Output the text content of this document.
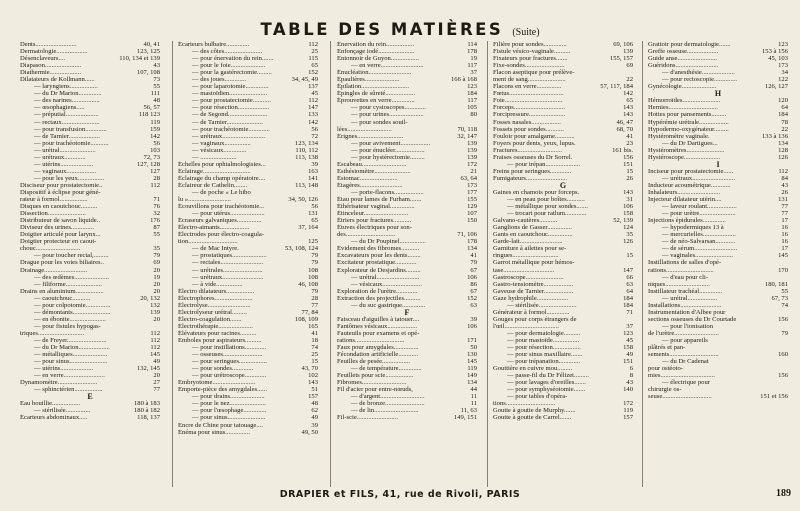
TABLE DES MATIÈRES (Suite)
Dents.........................	40, 41
Dermatologie...................	123, 125
Désenclaveurs....	110, 134 et 139
Diapason......................	43
Diathermie...................	107, 108
Dilatateurs de Kollmann......	73
— laryngiens.................	55
— du Dr Marion..............	111
— des narines.................	48
— œsophagiens.....	56, 57
— préputial....................	118 123
— rectaux.......................	119
— pour transfusion.............	159
— de Tarnier...................	142
— pour trachéotomie...........	56
— urétral......................	103
— urétraux.............	72, 73
— utérins....................	127, 128
— vaginaux..................	127
— pour les yeux................	28
Disciseur pour prostatectomie..	112
Dispositif à éclipse pour géné-
rateur à formol.................	71
Disques en caoutchouc..........	76
Dissection.......................	32
Distributeur de savon liquide..	176
Diviseur des urines..............	87
Doigtier articulé pour larynx...	55
Doigtier protecteur en caout-
chouc...........................	35
— pour toucher rectal,.........	79
Drague pour les voies biliaires..	69
Drainage..........................	20
— des œdèmes.....................	19
— filiforme......................	20
Drains en aluminium.................	20
— caoutchouc...........	20, 132
— pour colpotomie...............	132
— démontants.......................	139
— en ébonite......................	20
— pour fistules hypogas-
triques............................	112
— de Freyer........................	112
— du Dr Marion...................	112
— métalliques.....................	145
— pour sinus.......................	49
— utérins....................	132, 145
— en verre.........................	20
Dynamomètre........................	27
— sphinctérien.................	77
E
Eau bouillie.................	180 à 183
— stérilisée...............	180 à 182
Écarteurs abdominaux.....	118, 137
Écarteurs bulbaire..............	112
— des côtes.......................	25
— pour énervation du rein.......	115
— pour le foie.....................	65
— pour la gastérectomie.........	152
— des joues.............	34, 45, 49
— pour laparotomie..............	137
— mastoïdien.......................	45
— pour prostatectomie...........	112
— pour résection...................	147
— de Segond........................	133
— de Tarnier......................	142
— pour trachéotomie.............	56
— urétraux..........................	72
— vaginaux................	123, 134
— vésicaux..............	110, 112
— ......................	113, 138
Échelles pour ophtalmologistes...	39
Éclairage.............................	163
Éclairage du champ opératoire....	141
Éclaireur de Cathelin........	113, 148
— de poche « Le hibo
lu »..........................	34, 50, 126
Écouvillons pour trachéotomie...	56
— pour utérus.....................	131
Écraseurs galvaniques...............	65
Électro-aimants..................	37, 164
Électrodes pour électro-coagula-
tion..............................	125
— de Mac Intyre.	53, 108, 124
— prostatiques.....................	79
— rectales..........................	79
— urétrales........................	108
— urétraux.........................	108
— à vide................	46, 108
Électro dilatateurs.................	79
Électrophores.......................	28
Électrolyse..........................	77
Électrolyseur urétral.........	77, 84
Électro-coagulation.......	108, 109
Électrothérapie.....................	165
Élévateurs pour racines..........	41
Emboles pour aspirateurs..........	18
— pour instillations.............	74
— osseuses........................	25
— pour seringues.................	15
— pour sondes.............	43, 70
— pour urétroscope.............	102
Embryotome..........................	143
Emporte-pièce des amygdales......	51
— pour drains.....................	157
— pour le nez......................	48
— pour l'œsophage..............	62
— pour sinus.......................	49
Encre de Chine pour tatouage....	39
Énéma pour sinus...............	49, 50
Énervation du rein.................	114
Enfonçage iodé......................	178
Entonnoir de Guyon.................	19
— en verre..........................	117
Énucléation..........................	37
Épaulières.....................	166 à 168
Épilation.............................	123
Épingles de sûreté..................	184
Éprouvettes en verre..............	117
— pour cystoscopes.............	105
— pour urines.....................	80
— pour sondes souil-
lées...........................	70, 118
Érignes............................	32, 147
— pour avivement..................	139
— pour énucléer..................	139
— pour hystérectomie.........	139
Escabeau...........................	172
Esthésiomètre......................	21
Estomac.......................	63, 64
Étagères..........................	173
— porte-flacons..................	177
Étau pour lames de Furham.......	155
Éthérisateur vaginal...............	129
Étinceleur...........................	107
Étriers pour fractures...........	150
Étuves électriques pour son-
des..............................	71, 106
— du Dr Poupinel................	178
Évidement des fibromes...........	134
Excavateurs pour les dents........	41
Excitateur prostatique.............	79
Explorateur de Desjardins.........	67
— urétral..........................	106
— vésicaux........................	86
Exploration de l'urètre.............	67
Extraction des projectiles..........	152
— du suc gastrique..............	63
F
Faisceau d'aiguilles à tatouer....	39
Fantômes vésicaux..................	106
Fauteuils pour examens et opé-
rations..............................	171
Faux pour amygdales...............	50
Fécondation artificielle............	130
Feuilles de pesée.................	145
— de température..............	119
Feuillets pour scie.................	149
Fibromes...........................	134
Fil d'acier pour entre-nœuds,	44
— d'argent...........................	11
— de bronze........................	11
— de lin...........................	11, 63
Fil-scie.........................	149, 151
Filière pour sondes..............	69, 106
Fistule vésico-vaginale..........	139
Fixateurs pour fractures.......	155, 157
Fixe-sondes........................	69
Flacon aseptique pour prélève-
ment de sang.......................	22
Flacons en verre...............	57, 117, 184
Fœtus.................................	142
Foie...................................	65
Forceps...............................	143
Forcipressure......................	143
Fosses nasales..................	46, 47
Fossets pour sondes...........	68, 70
Fouloir pour amalgame............	41
Foyers pour dents, yeux, lupus.	23
Fractures...........................	161 bis.
Fraises osseuses du Dr Sorrel.	156
— pour trépan.....................	151
Freins pour seringues.............	15
Fumigateurs.........................	26
G
Gaines en chamois pour forceps.	143
— en peau pour boîtes...........	31
— métallique pour sondes.......	106
— trocart pour ratlum.............	158
Galvano-cautères...........	52, 139
Ganglions de Gasser...............	124
Gants en caoutchouc...............	35
Garde-lait..........................	126
Garniture à ailettes pour se-
ringues............................	15
Garrot métallique pour hémos-
tase...............................	147
Gastroscope.......................	66
Gastro-tensiomètre..................	63
Gaveuse de Tarnier..................	64
Gaze hydrophile...................	184
— stérilisée.......................	184
Générateur à formol..............	71
Gouges pour corps étrangers de
l'œil.................................	37
— pour dermatologie..........	123
— pour mastoïde................	45
— pour résection.................	158
— pour sinus maxillaire.......	49
— pour trépanation.............	151
Gouttière en cuivre mou.........	6
— passe-fil du Dr Félizet.........	8
— pour lavages d'oreilles.......	43
— pour symphyséotomie.......	140
— pour tables d'opéra-
tions..............................	172
Goutte à goutte de Murphy.......	119
Goutte à goutte de Carrel.......	157
Grattoir pour dermatologie.......	123
Greffe osseuse...................	153 à 156
Guide anse........................	45, 103
Guéridons..........................	173
— d'anesthésie....................	34
— pour rectoscopie..............	122
Gynécologie.....................	126, 127
H
Hémorroïdes.......................	120
Hernies..............................	64
Hottes pour pansements.........	184
Hypérémie urétrale..................	78
Hypodermo-oxygénateur.........	22
Hystéromètre vaginale.	133 à 136
— du Dr Dartigues...	134
Hystéromètres.......................	128
Hystéroscope......................	126
I
Inciseur pour prostatectomie......	112
— urétraux..........................	84
Inducteur acoumétrique............	43
Inhalateurs..........................	26
Injecteur dilatateur utérin....	131
— laveur roulant..................	77
— pour urètre......................	77
Injections épidurales..............	17
— hypodermiques 13 à	16
— mercurielles....................	16
— de néo-Salvarsan............	16
— de sérum..........................	17
— vaginales.......................	145
Instillations de salles d'opé-
rations.............................	170
— d'eau pour cli-
niques...........................	180, 181
Instillateur trachéal..............	55
— urétral..................	67, 73
Installations.........................	74
Instrumentation d'Albee pour
sections osseuses du Dr Courtade	156
— pour l'ionisation
de l'urètre...........................	79
— pour appareils
plâtrés et pan-
sements..............................	160
— du Dr Cadenat
pour ostéoto-
mies.................................	156
— électrique pour
chirurgie os-
seuse..............................	151 et 156
DRAPIER et FILS, 41, rue de Rivoli, PARIS	189
